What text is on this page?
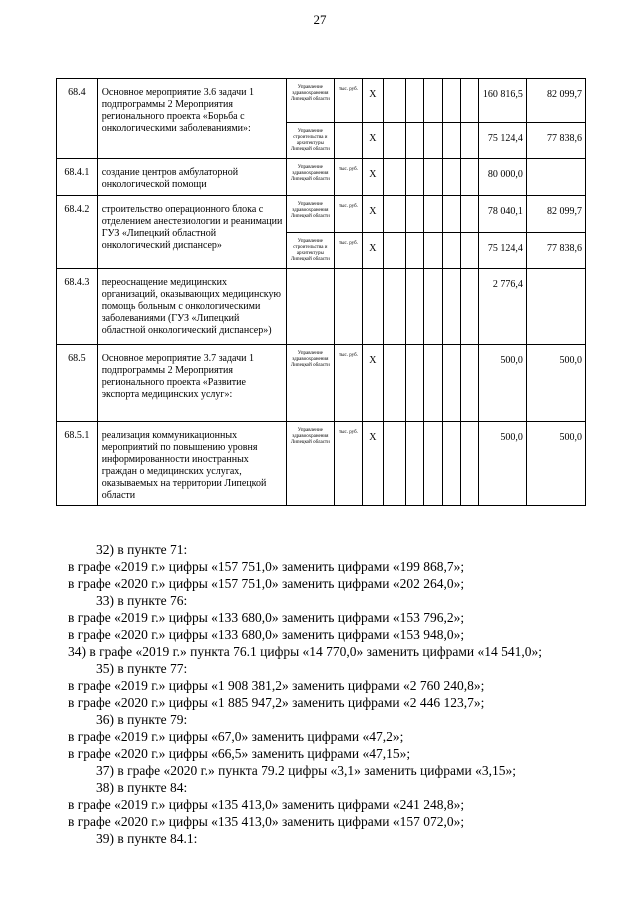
27
68.4	Основное мероприятие 3.6 задачи 1 подпрограммы 2 Мероприятия регионального проекта «Борьба с онкологическими заболеваниями»:	Управление здравоохранения Липецкой области	тыс. руб.	X						160 816,5	82 099,7
		Управление строительства и архитектуры Липецкой области		X						75 124,4	77 838,6
68.4.1	создание центров амбулаторной онкологической помощи	Управление здравоохранения Липецкой области	тыс. руб.	X						80 000,0	
68.4.2	строительство операционного блока с отделением анестезиологии и реанимации ГУЗ «Липецкий областной онкологический диспансер»	Управление здравоохранения Липецкой области	тыс. руб.	X						78 040,1	82 099,7
		Управление строительства и архитектуры Липецкой области	тыс. руб.	X						75 124,4	77 838,6
68.4.3	переоснащение медицинских организаций, оказывающих медицинскую помощь больным с онкологическими заболеваниями (ГУЗ «Липецкий областной онкологический диспансер»)									2 776,4	
68.5	Основное мероприятие 3.7 задачи 1 подпрограммы 2 Мероприятия регионального проекта «Развитие экспорта медицинских услуг»:	Управление здравоохранения Липецкой области	тыс. руб.	X						500,0	500,0
68.5.1	реализация коммуникационных мероприятий по повышению уровня информированности иностранных граждан о медицинских услугах, оказываемых на территории Липецкой области	Управление здравоохранения Липецкой области	тыс. руб.	X						500,0	500,0

32) в пункте 71:

в графе «2019 г.» цифры «157 751,0» заменить цифрами «199 868,7»;

в графе «2020 г.» цифры «157 751,0» заменить цифрами «202 264,0»;

33) в пункте 76:

в графе «2019 г.» цифры «133 680,0» заменить цифрами «153 796,2»;

в графе «2020 г.» цифры «133 680,0» заменить цифрами «153 948,0»;

34) в графе «2019 г.» пункта 76.1 цифры «14 770,0» заменить цифрами «14 541,0»;

35) в пункте 77:

в графе «2019 г.» цифры «1 908 381,2» заменить цифрами «2 760 240,8»;

в графе «2020 г.» цифры «1 885 947,2» заменить цифрами «2 446 123,7»;

36) в пункте 79:

в графе «2019 г.» цифры «67,0» заменить цифрами «47,2»;

в графе «2020 г.» цифры «66,5» заменить цифрами «47,15»;

37) в графе «2020 г.» пункта 79.2 цифры «3,1» заменить цифрами «3,15»;

38) в пункте 84:

в графе «2019 г.» цифры «135 413,0» заменить цифрами «241 248,8»;

в графе «2020 г.» цифры «135 413,0» заменить цифрами «157 072,0»;

39) в пункте 84.1:
